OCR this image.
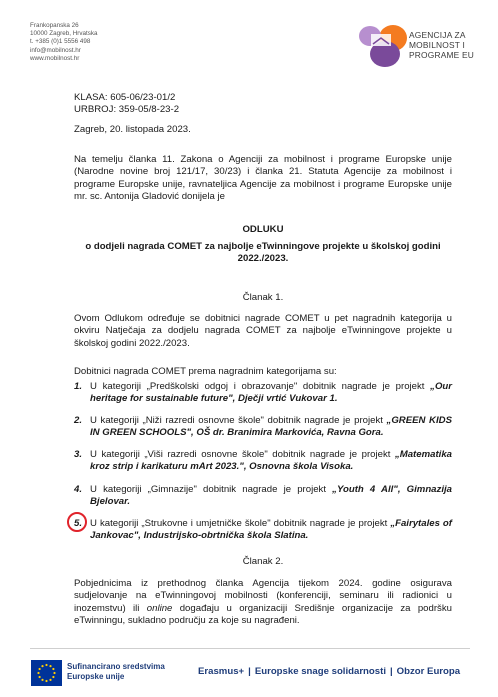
Frankopanska 26
10000 Zagreb, Hrvatska
t. +385 (0)1 5556 498
info@mobilnost.hr
www.mobilnost.hr
AGENCIJA ZA
MOBILNOST I
PROGRAME EU
KLASA: 605-06/23-01/2
URBROJ: 359-05/8-23-2
Zagreb, 20. listopada 2023.
Na temelju članka 11. Zakona o Agenciji za mobilnost i programe Europske unije (Narodne novine broj 121/17, 30/23) i članka 21. Statuta Agencije za mobilnost i programe Europske unije, ravnateljica Agencije za mobilnost i programe Europske unije mr. sc. Antonija Gladović donijela je
ODLUKU
o dodjeli nagrada COMET za najbolje eTwinningove projekte u školskoj godini 2022./2023.
Članak 1.
Ovom Odlukom određuje se dobitnici nagrade COMET u pet nagradnih kategorija u okviru Natječaja za dodjelu nagrada COMET za najbolje eTwinningove projekte u školskoj godini 2022./2023.
Dobitnici nagrada COMET prema nagradnim kategorijama su:
1. U kategoriji „Predškolski odgoj i obrazovanje" dobitnik nagrade je projekt „Our heritage for sustainable future", Dječji vrtić Vukovar 1.
2. U kategoriji „Niži razredi osnovne škole" dobitnik nagrade je projekt „GREEN KIDS IN GREEN SCHOOLS", OŠ dr. Branimira Markovića, Ravna Gora.
3. U kategoriji „Viši razredi osnovne škole" dobitnik nagrade je projekt „Matematika kroz strip i karikaturu mArt 2023.", Osnovna škola Visoka.
4. U kategoriji „Gimnazije" dobitnik nagrade je projekt „Youth 4 All", Gimnazija Bjelovar.
5. U kategoriji „Strukovne i umjetničke škole" dobitnik nagrade je projekt „Fairytales of Jankovac", Industrijsko-obrtnička škola Slatina.
Članak 2.
Pobjednicima iz prethodnog članka Agencija tijekom 2024. godine osigurava sudjelovanje na eTwinningovoj mobilnosti (konferenciji, seminaru ili radionici u inozemstvu) ili online događaju u organizaciji Središnje organizacije za podršku eTwinningu, sukladno području za koje su nagrađeni.
Sufinancirano sredstvima
Europske unije	Erasmus+ | Europske snage solidarnosti | Obzor Europa
